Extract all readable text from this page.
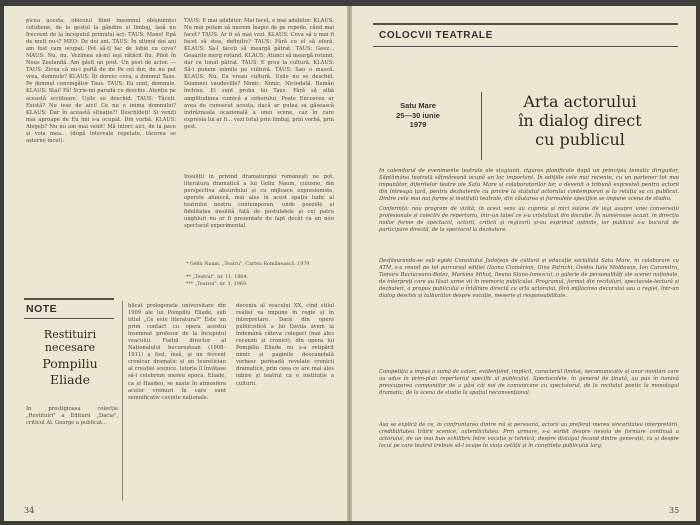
picea acesta, obiceiul fiind însemnul obișnuinței cotidiene, de la gestul la gândire și limbaj, lasă nu frecvent de la începutul primului act: TAUS: Mano! Epă de mult nu-i? MEO: De doi ani. TAUS: În ultimii doi ani am fost cam ocupat. Pot să-ți fac de lobie cu ceva? MAUS: Nu, nu. Vezimea să-mi ieși rătăcit fiu. Pilot în Nous Zeelandă. Am găsit un post. Un post de actor. — TAUS: Zicea că nu-i poftă de de Pe cel dur, de nu pot vrea, domnule? KLAUS: Îți doresc ceva, a domnul Taus. Pe domnul convingător Taus. TAUS: Eu sunt, domnule. KLAUS: Stai! Fă! Scrie-mi paradă cu deschis. Atenție pe această scriitoare. Ușile se deschid. TAUS: Tăceți. Există? Nu iese de aici! Ce nu e inima domnului? KLAUS: Dar în această situație?! Deschideți! Și veniți mai aproape de Eu îmi s-a ocupat. Din vorbă. KLAUS: Alegeți? Nu nu am mai venit! Mă întorc aici, de la pace și voia mea... (după intervale repetate, tăcerea se așterne încet).
TAUS: E mai adăbitor. Mai facet, e mai adăbitor. KLAUS: Nu mai putem să merem înapoi de pe repede, când mai facet? TAUS: Ar fi să mai vezi. KLAUS: Ceva să o mai fi facet să stea, definitiv? TAUS: Fără cu el să oferă. KLAUS: Sa-l faceți să meargă pătrat. TAUS: Geez... Geaurile merg rotund. KLAUS: Atunci să meargă rotund, dar cu tonul pătrat. TAUS: E greu la cultură. KLAUS: Să-i punem inimile pe cultură. TAUS: Sau o mască. KLAUS: Nu. Eu vreau cultură. Ușile nu se deschid. Doamnei vaudeville? Nimic. Nimic. Niciodată. Ramân închise. Ei sunt proba lui Taus. Fără să aibă amplitudinea comică a ceherului. Poate Encosceu ar avea de cunoscut acesta, dacă ar putea sa găsească îndrăzneala ocazională a unei scene, caz în care expresia lui ar fi... vezi totul prin limbaj, prin vorbă, prin gest.
Însuliții în privind dramaturgiei românești ne pot, literatura dramatică a lui Gellu Naum, cuiusne, din perspectiva absurdului și cu mijloace expresioniste, operele alunecă, mai ales în acest spațiu ludic al teatrului nostru contemporan, unde poeziile și fidelitatea insolită față de postulatele și cei patru unghiuri nu ar fi prezentate de fapt decât ca un nou spectacol experimental.
* Gellu Naum, „Teatru", Cartea Românească, 1979.
** „Teatrul", nr. 11, 1964.
*** „Teatrul", nr. 1, 1969.
NOTE
Restituiri
necesare
Pompiliu
Eliade
În prestigioasa colecție „Restituiri" a Editurii „Dacia", criticul Al. George a publicat...
blicat prologenele universitare din 1909 ale lui Pompiliu Eliade, sub titlul „Ce este literatura?" Este un prim contact cu opera acestui însemnat profesor de la începutul veacului. Fostul director al Naționalului bucureștean (1908–1911) a fost, însă, și un fervent cronicar dramatic și un teoretician al creației scenice. Istoria îl învățase să-i celebreze mereu epoca. Eliade, ca și Hasdeu, se naște în atmosfera acelor vremuri în care sunt semnificativ cuvinte naționale.
deceniu al veacului XX, cind stilul realist va impune în regie și în interpretare. Dacă din opera publicistică a lui Davila avem la îndemână câteva culegeri (mai ales recenzii și cronici), din opera lui Pompiliu Eliade nu s-a retipărit nimic și paginile deocamdată vorbesc perioadă revelate cronicii dramatice, prin ceea ce are mai ales iubire și teatrul ca o instituție a culturii.
34
COLOCVII TEATRALE
Satu Mare
25—30 iunie
1979
Arta actorului
în dialog direct
cu publicul
În calendarul de evenimente teatrale ale stagiunii, riguros planificate după un principiu tematic diriguitor, Săptămâna teatrală sătmăreană ocupă un loc important. În edițiile cele mai recente, cu un partener tot mai impunător, diferitelor teatre ale Satu Mare și colaboratorilor lor, a devenit o tribună expresivă pentru actorii din întreaga țară, pentru dezbaterile cu privire la statutul actorului contemporan și la relația sa cu publicul. Dintre cele mai noi forme și instituții teatrale, din căutarea și formulele specifice se impune scena de studio.
Conferință: nou program de vizită; in acest sens au cuprins și mici suiane de legi asupra unei conversații profesionale și colectiv de repertoriu, într-un tabel ce s-a cristalizat din discuție. În numeroase ocazii, în direcția noilor forme de spectacol, actorii, criticii și regizorii și-au exprimat opiniile, iar publicul s-a bucurat de participare directă, de la spectacol la dezbatere.
Desfășurându-se sub egida Consiliului Județean de cultură și educație socialistă Satu Mare, în colaborare cu ATM, s-a reunit pe tot parcursul ediției (Ioana Ciomârtan, Gina Patrichi, Ovidiu Iuliu Moldovan, Ion Caramitru, Tamara Buciuceanu-Botez, Mariana Mihuț, Ileana Stana-Ionescu), o galerie de personalități ale scenei naționale, de interpreți care au lăsat urme vii în memoria publicului. Programul, format din recitaluri, spectacole-lectură și dezbateri, a propus publicului o întâlnire directă cu arta actorului, fără mijlocirea decorului sau a regiei, într-un dialog deschis și tulburător despre vocație, meserie și responsabilitate.
Competiția a impus o sumă de valori, evidențiind, implicit, caracterul limitat, necomunicativ al unor montări care au adus în prim-plan repertoriul specific al publicului. Spectacolele, în general de ținută, au pus în lumină preocuparea companiilor de a găsi căi noi de comunicare cu spectatorul, de la recitalul poetic la monologul dramatic, de la scena de studio la spațiul neconvențional.
Așa se explică de ce, în confruntarea dintre rol și persoană, actorii au preferat mereu sinceritatea interpretării, credibilitatea trăirii scenice, autenticitatea. Prin urmare, s-a vorbit despre nevoia de formare continuă a actorului, de un mai bun echilibru între vocație și tehnică, despre dialogul fecund dintre generații, ca și despre locul pe care teatrul trebuie să-l ocupe în viața cetății și în conștiința publicului larg.
35
